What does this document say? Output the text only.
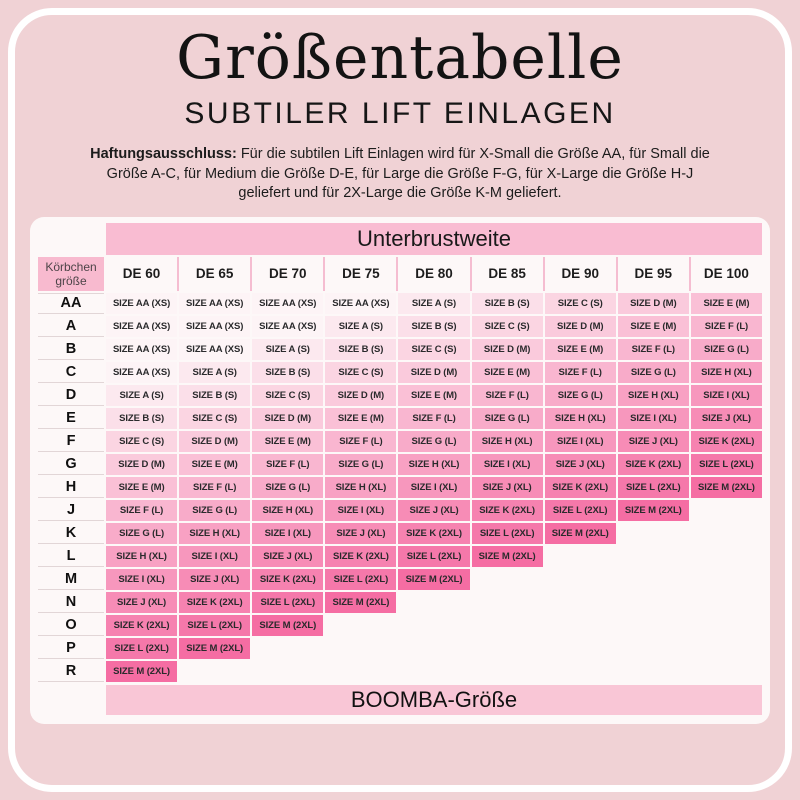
Größentabelle
SUBTILER LIFT EINLAGEN

Haftungsausschluss: Für die subtilen Lift Einlagen wird für X-Small die Größe AA, für Small die Größe A-C, für Medium die Größe D-E, für Large die Größe F-G, für X-Large die Größe H-J geliefert und für 2X-Large die Größe K-M geliefert.

Unterbrustweite
Körbchen
größe	DE 60	DE 65	DE 70	DE 75	DE 80	DE 85	DE 90	DE 95	DE 100
AA	SIZE AA (XS)	SIZE AA (XS)	SIZE AA (XS)	SIZE AA (XS)	SIZE A (S)	SIZE B (S)	SIZE C (S)	SIZE D (M)	SIZE E (M)
A	SIZE AA (XS)	SIZE AA (XS)	SIZE AA (XS)	SIZE A (S)	SIZE B (S)	SIZE C (S)	SIZE D (M)	SIZE E (M)	SIZE F (L)
B	SIZE AA (XS)	SIZE AA (XS)	SIZE A (S)	SIZE B (S)	SIZE C (S)	SIZE D (M)	SIZE E (M)	SIZE F (L)	SIZE G (L)
C	SIZE AA (XS)	SIZE A (S)	SIZE B (S)	SIZE C (S)	SIZE D (M)	SIZE E (M)	SIZE F (L)	SIZE G (L)	SIZE H (XL)
D	SIZE A (S)	SIZE B (S)	SIZE C (S)	SIZE D (M)	SIZE E (M)	SIZE F (L)	SIZE G (L)	SIZE H (XL)	SIZE I (XL)
E	SIZE B (S)	SIZE C (S)	SIZE D (M)	SIZE E (M)	SIZE F (L)	SIZE G (L)	SIZE H (XL)	SIZE I (XL)	SIZE J (XL)
F	SIZE C (S)	SIZE D (M)	SIZE E (M)	SIZE F (L)	SIZE G (L)	SIZE H (XL)	SIZE I (XL)	SIZE J (XL)	SIZE K (2XL)
G	SIZE D (M)	SIZE E (M)	SIZE F (L)	SIZE G (L)	SIZE H (XL)	SIZE I (XL)	SIZE J (XL)	SIZE K (2XL)	SIZE L (2XL)
H	SIZE E (M)	SIZE F (L)	SIZE G (L)	SIZE H (XL)	SIZE I (XL)	SIZE J (XL)	SIZE K (2XL)	SIZE L (2XL)	SIZE M (2XL)
J	SIZE F (L)	SIZE G (L)	SIZE H (XL)	SIZE I (XL)	SIZE J (XL)	SIZE K (2XL)	SIZE L (2XL)	SIZE M (2XL)
K	SIZE G (L)	SIZE H (XL)	SIZE I (XL)	SIZE J (XL)	SIZE K (2XL)	SIZE L (2XL)	SIZE M (2XL)
L	SIZE H (XL)	SIZE I (XL)	SIZE J (XL)	SIZE K (2XL)	SIZE L (2XL)	SIZE M (2XL)
M	SIZE I (XL)	SIZE J (XL)	SIZE K (2XL)	SIZE L (2XL)	SIZE M (2XL)
N	SIZE J (XL)	SIZE K (2XL)	SIZE L (2XL)	SIZE M (2XL)
O	SIZE K (2XL)	SIZE L (2XL)	SIZE M (2XL)
P	SIZE L (2XL)	SIZE M (2XL)
R	SIZE M (2XL)
BOOMBA-Größe
